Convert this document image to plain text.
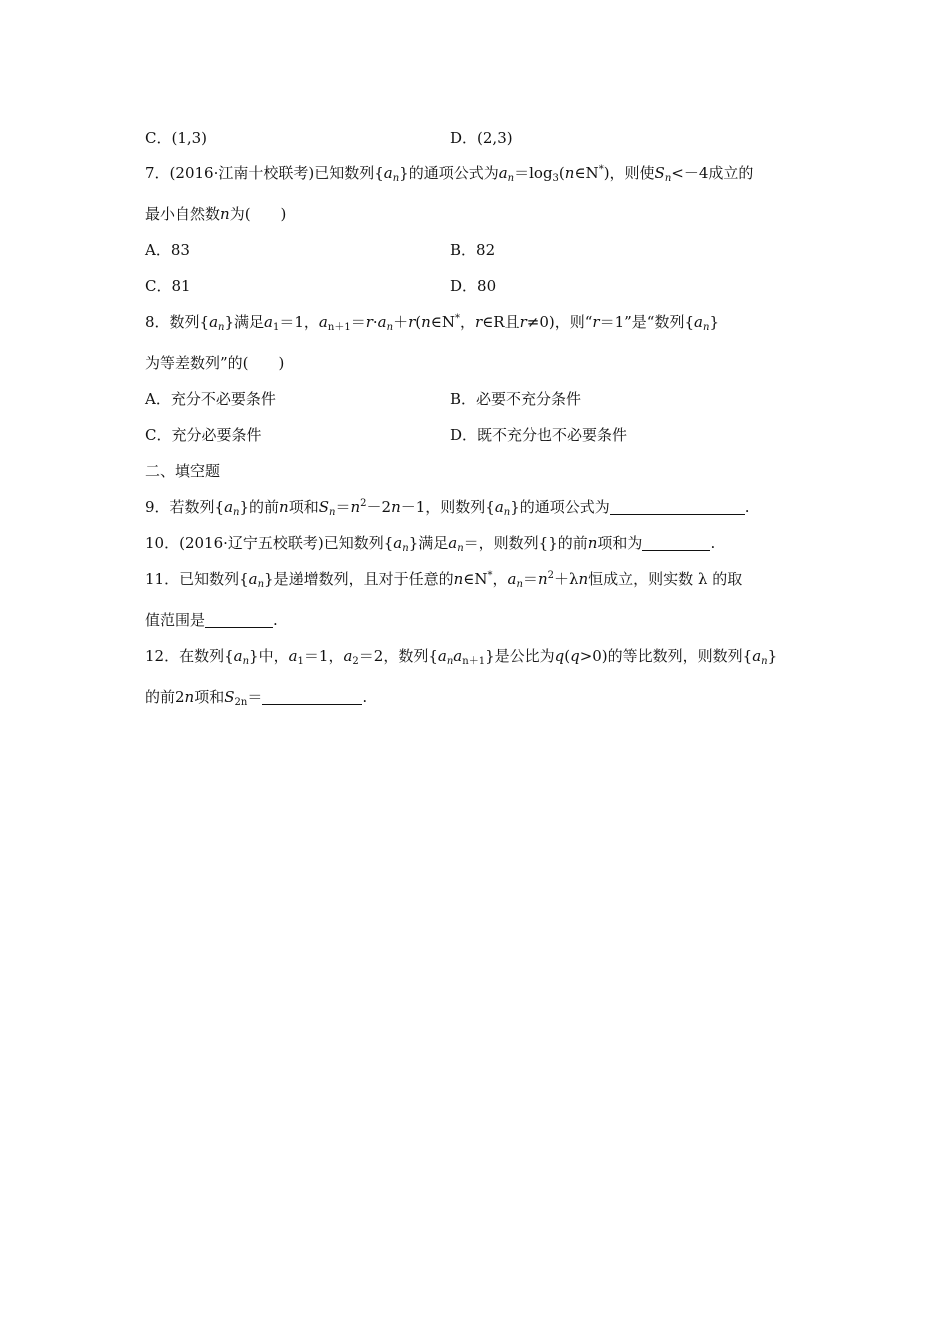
C．(1,3)	D．(2,3)
7．(2016·江南十校联考)已知数列$\{a_n\}$的通项公式为$a_n=\log_3(n\in N^*)$，则使$S_n<-4$成立的
最小自然数n为(　　)
A．83	B．82
C．81	D．80
8．数列$\{a_n\}$满足$a_1=1$，$a_{n+1}=r\cdot a_n+r(n\in N^*$，r∈R且r≠0)，则“r＝1”是“数列$\{a_n\}$
为等差数列”的(　　)
A．充分不必要条件	B．必要不充分条件
C．充分必要条件	D．既不充分也不必要条件
二、填空题
9．若数列$\{a_n\}$的前n项和$S_n=n^2-2n-1$，则数列$\{a_n\}$的通项公式为	.
10．(2016·辽宁五校联考)已知数列$\{a_n\}$满足$a_n=$，则数列{}的前n项和为	.
11．已知数列$\{a_n\}$是递增数列，且对于任意的n∈N*，$a_n=n^2+\lambda n$恒成立，则实数 λ 的取
值范围是	.
12．在数列$\{a_n\}$中，$a_1=1$，$a_2=2$，数列$\{a_na_{n+1}\}$是公比为q(q>0)的等比数列，则数列$\{a_n\}$
的前2n项和$S_{2n}=$	.
